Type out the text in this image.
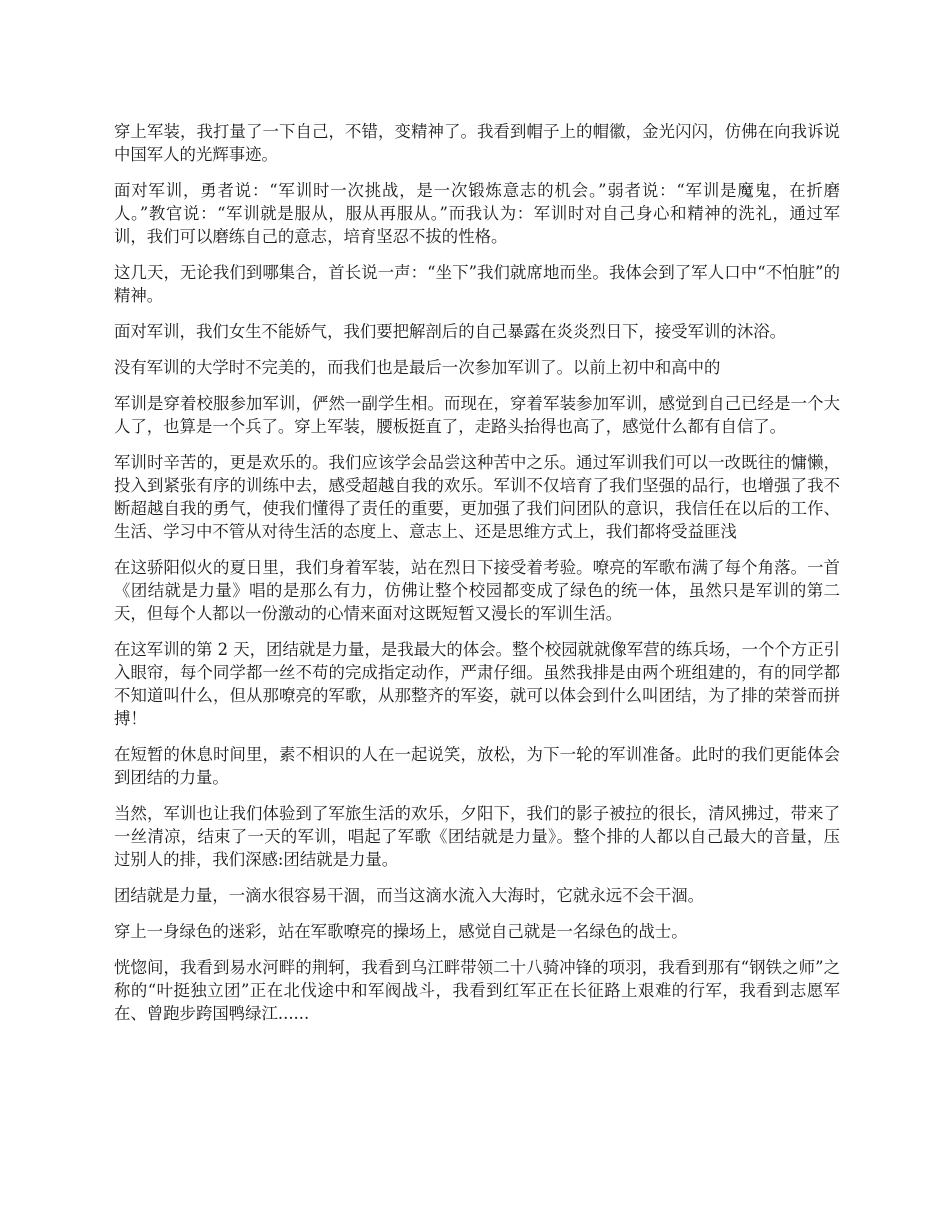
穿上军装，我打量了一下自己，不错，变精神了。我看到帽子上的帽徽，金光闪闪，仿佛在向我诉说中国军人的光辉事迹。

面对军训，勇者说：“军训时一次挑战，是一次锻炼意志的机会。”弱者说：“军训是魔鬼，在折磨人。”教官说：“军训就是服从，服从再服从。”而我认为：军训时对自己身心和精神的洗礼，通过军训，我们可以磨练自己的意志，培育坚忍不拔的性格。

这几天，无论我们到哪集合，首长说一声：“坐下”我们就席地而坐。我体会到了军人口中“不怕脏”的精神。

面对军训，我们女生不能娇气，我们要把解剖后的自己暴露在炎炎烈日下，接受军训的沐浴。

没有军训的大学时不完美的，而我们也是最后一次参加军训了。以前上初中和高中的

军训是穿着校服参加军训，俨然一副学生相。而现在，穿着军装参加军训，感觉到自己已经是一个大人了，也算是一个兵了。穿上军装，腰板挺直了，走路头抬得也高了，感觉什么都有自信了。

军训时辛苦的，更是欢乐的。我们应该学会品尝这种苦中之乐。通过军训我们可以一改既往的慵懒，投入到紧张有序的训练中去，感受超越自我的欢乐。军训不仅培育了我们坚强的品行，也增强了我不断超越自我的勇气，使我们懂得了责任的重要，更加强了我们问团队的意识，我信任在以后的工作、生活、学习中不管从对待生活的态度上、意志上、还是思维方式上，我们都将受益匪浅

在这骄阳似火的夏日里，我们身着军装，站在烈日下接受着考验。嘹亮的军歌布满了每个角落。一首《团结就是力量》唱的是那么有力，仿佛让整个校园都变成了绿色的统一体，虽然只是军训的第二天，但每个人都以一份激动的心情来面对这既短暂又漫长的军训生活。

在这军训的第 2 天，团结就是力量，是我最大的体会。整个校园就就像军营的练兵场，一个个方正引入眼帘，每个同学都一丝不苟的完成指定动作，严肃仔细。虽然我排是由两个班组建的，有的同学都不知道叫什么，但从那嘹亮的军歌，从那整齐的军姿，就可以体会到什么叫团结，为了排的荣誉而拼搏！

在短暂的休息时间里，素不相识的人在一起说笑，放松，为下一轮的军训准备。此时的我们更能体会到团结的力量。

当然，军训也让我们体验到了军旅生活的欢乐，夕阳下，我们的影子被拉的很长，清风拂过，带来了一丝清凉，结束了一天的军训，唱起了军歌《团结就是力量》。整个排的人都以自己最大的音量，压过别人的排，我们深感:团结就是力量。

团结就是力量，一滴水很容易干涸，而当这滴水流入大海时，它就永远不会干涸。

穿上一身绿色的迷彩，站在军歌嘹亮的操场上，感觉自己就是一名绿色的战士。

恍惚间，我看到易水河畔的荆轲，我看到乌江畔带领二十八骑冲锋的项羽，我看到那有“钢铁之师”之称的“叶挺独立团”正在北伐途中和军阀战斗，我看到红军正在长征路上艰难的行军，我看到志愿军在、曾跑步跨国鸭绿江......
